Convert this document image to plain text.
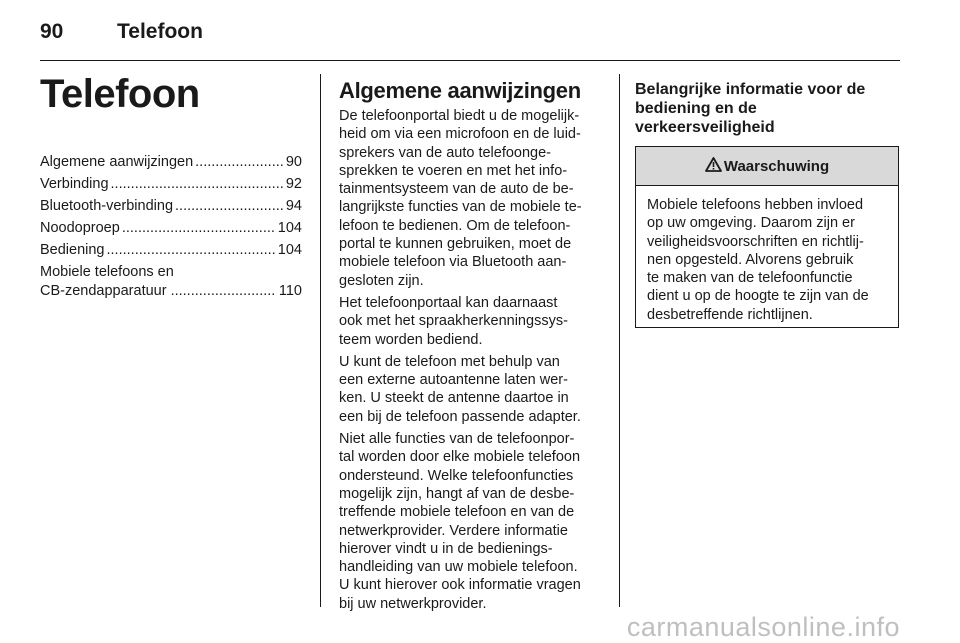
90	Telefoon
Telefoon
Algemene aanwijzingen .....	90
Verbinding .....	92
Bluetooth-verbinding .....	94
Noodoproep .....	104
Bediening .....	104
Mobiele telefoons en
CB-zendapparatuur .....	110
Algemene aanwijzingen

De telefoonportal biedt u de mogelijk-
heid om via een microfoon en de luid-
sprekers van de auto telefoonge-
sprekken te voeren en met het info-
tainmentsysteem van de auto de be-
langrijkste functies van de mobiele te-
lefoon te bedienen. Om de telefoon-
portal te kunnen gebruiken, moet de
mobiele telefoon via Bluetooth aan-
gesloten zijn.

Het telefoonportaal kan daarnaast
ook met het spraakherkenningssys-
teem worden bediend.

U kunt de telefoon met behulp van
een externe autoantenne laten wer-
ken. U steekt de antenne daartoe in
een bij de telefoon passende adapter.

Niet alle functies van de telefoonpor-
tal worden door elke mobiele telefoon
ondersteund. Welke telefoonfuncties
mogelijk zijn, hangt af van de desbe-
treffende mobiele telefoon en van de
netwerkprovider. Verdere informatie
hierover vindt u in de bedienings-
handleiding van uw mobiele telefoon.
U kunt hierover ook informatie vragen
bij uw netwerkprovider.

Belangrijke informatie voor de
bediening en de
verkeersveiligheid
Waarschuwing
Mobiele telefoons hebben invloed
op uw omgeving. Daarom zijn er
veiligheidsvoorschriften en richtlij-
nen opgesteld. Alvorens gebruik
te maken van de telefoonfunctie
dient u op de hoogte te zijn van de
desbetreffende richtlijnen.
carmanualsonline.info
